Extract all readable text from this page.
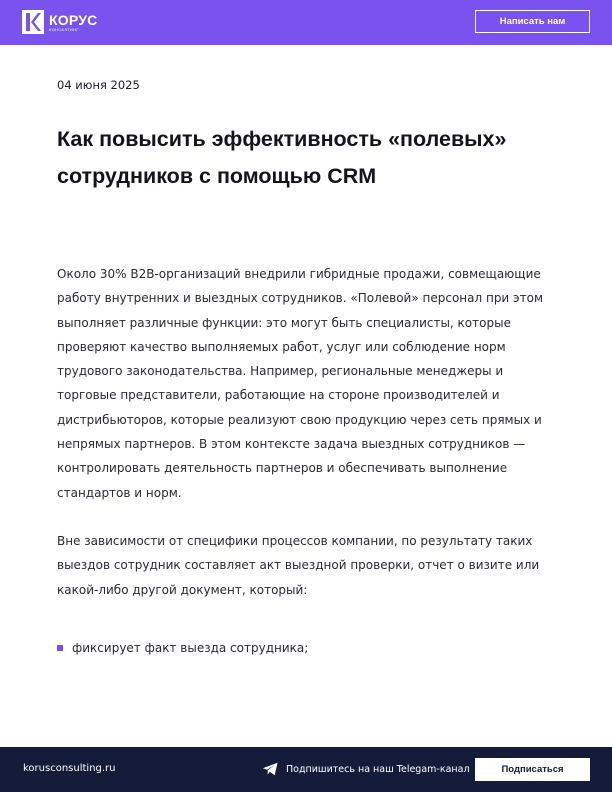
КОРУС
КОНСАЛТИНГ
Написать нам
04 июня 2025
Как повысить эффективность «полевых» сотрудников с помощью CRM

Около 30% B2B-организаций внедрили гибридные продажи, совмещающие работу внутренних и выездных сотрудников. «Полевой» персонал при этом выполняет различные функции: это могут быть специалисты, которые проверяют качество выполняемых работ, услуг или соблюдение норм трудового законодательства. Например, региональные менеджеры и торговые представители, работающие на стороне производителей и дистрибьюторов, которые реализуют свою продукцию через сеть прямых и непрямых партнеров. В этом контексте задача выездных сотрудников — контролировать деятельность партнеров и обеспечивать выполнение стандартов и норм.

Вне зависимости от специфики процессов компании, по результату таких выездов сотрудник составляет акт выездной проверки, отчет о визите или какой-либо другой документ, который:

фиксирует факт выезда сотрудника;
korusconsulting.ru	Подпишитесь на наш Telegam-канал	Подписаться
